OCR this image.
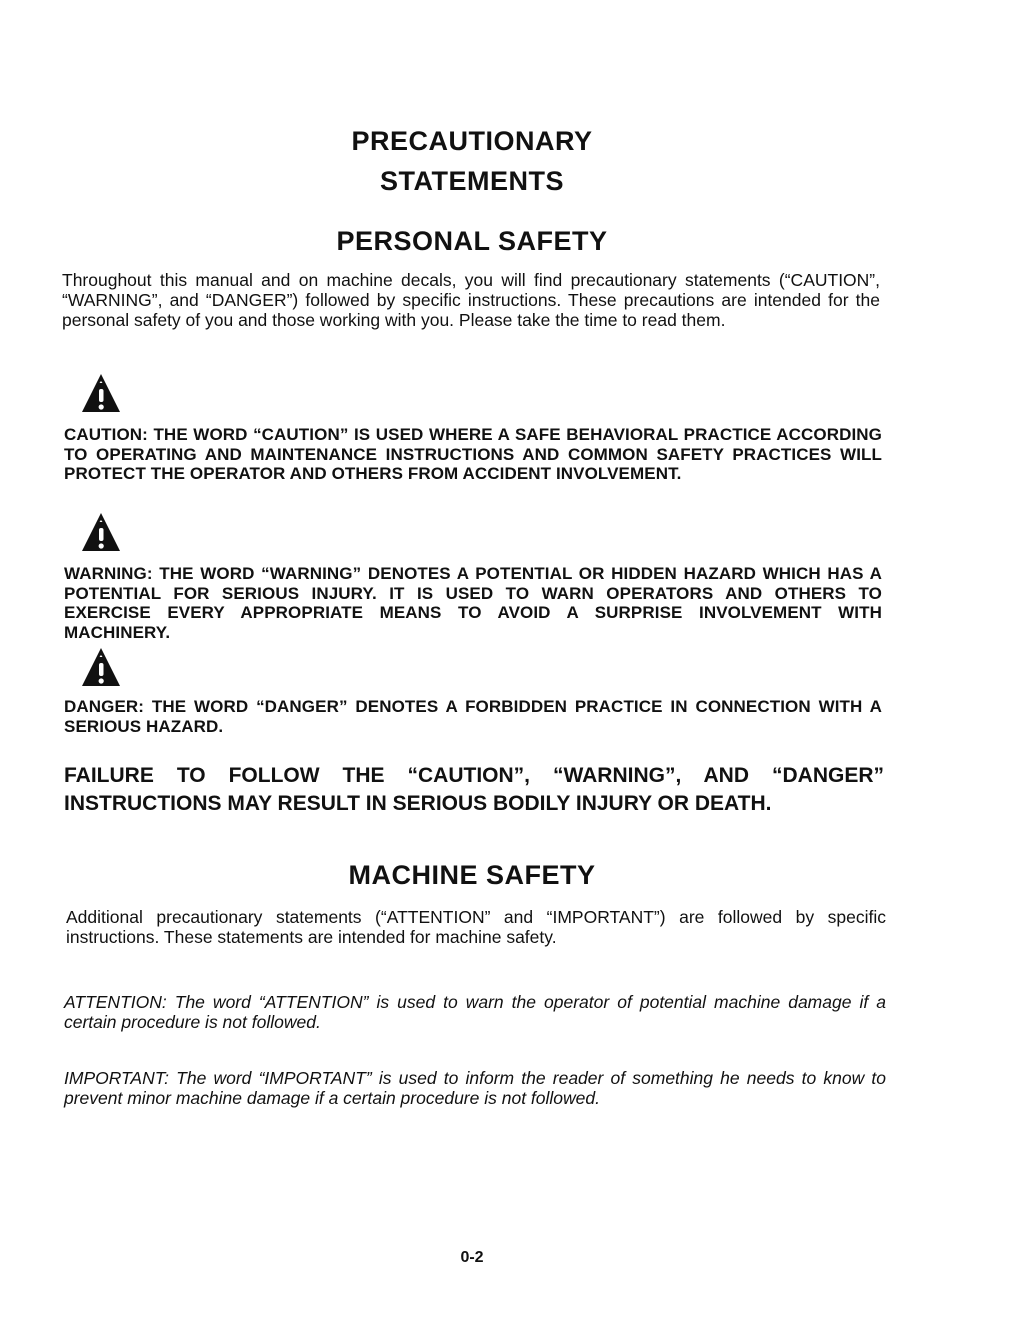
PRECAUTIONARY
STATEMENTS
PERSONAL SAFETY

Throughout this manual and on machine decals, you will find precautionary statements (“CAUTION”, “WARNING”, and “DANGER”) followed by specific instructions. These precautions are intended for the personal safety of you and those working with you. Please take the time to read them.

CAUTION: THE WORD “CAUTION” IS USED WHERE A SAFE BEHAVIORAL PRACTICE ACCORDING TO OPERATING AND MAINTENANCE INSTRUCTIONS AND COMMON SAFETY PRACTICES WILL PROTECT THE OPERATOR AND OTHERS FROM ACCIDENT INVOLVEMENT.

WARNING: THE WORD “WARNING” DENOTES A POTENTIAL OR HIDDEN HAZARD WHICH HAS A POTENTIAL FOR SERIOUS INJURY. IT IS USED TO WARN OPERATORS AND OTHERS TO EXERCISE EVERY APPROPRIATE MEANS TO AVOID A SURPRISE INVOLVEMENT WITH MACHINERY.

DANGER: THE WORD “DANGER” DENOTES A FORBIDDEN PRACTICE IN CONNECTION WITH A SERIOUS HAZARD.

FAILURE TO FOLLOW THE “CAUTION”, “WARNING”, AND “DANGER” INSTRUCTIONS MAY RESULT IN SERIOUS BODILY INJURY OR DEATH.

MACHINE SAFETY

Additional precautionary statements (“ATTENTION” and “IMPORTANT”) are followed by specific instructions. These statements are intended for machine safety.

ATTENTION: The word “ATTENTION” is used to warn the operator of potential machine damage if a certain procedure is not followed.

IMPORTANT: The word “IMPORTANT” is used to inform the reader of something he needs to know to prevent minor machine damage if a certain procedure is not followed.

0-2
